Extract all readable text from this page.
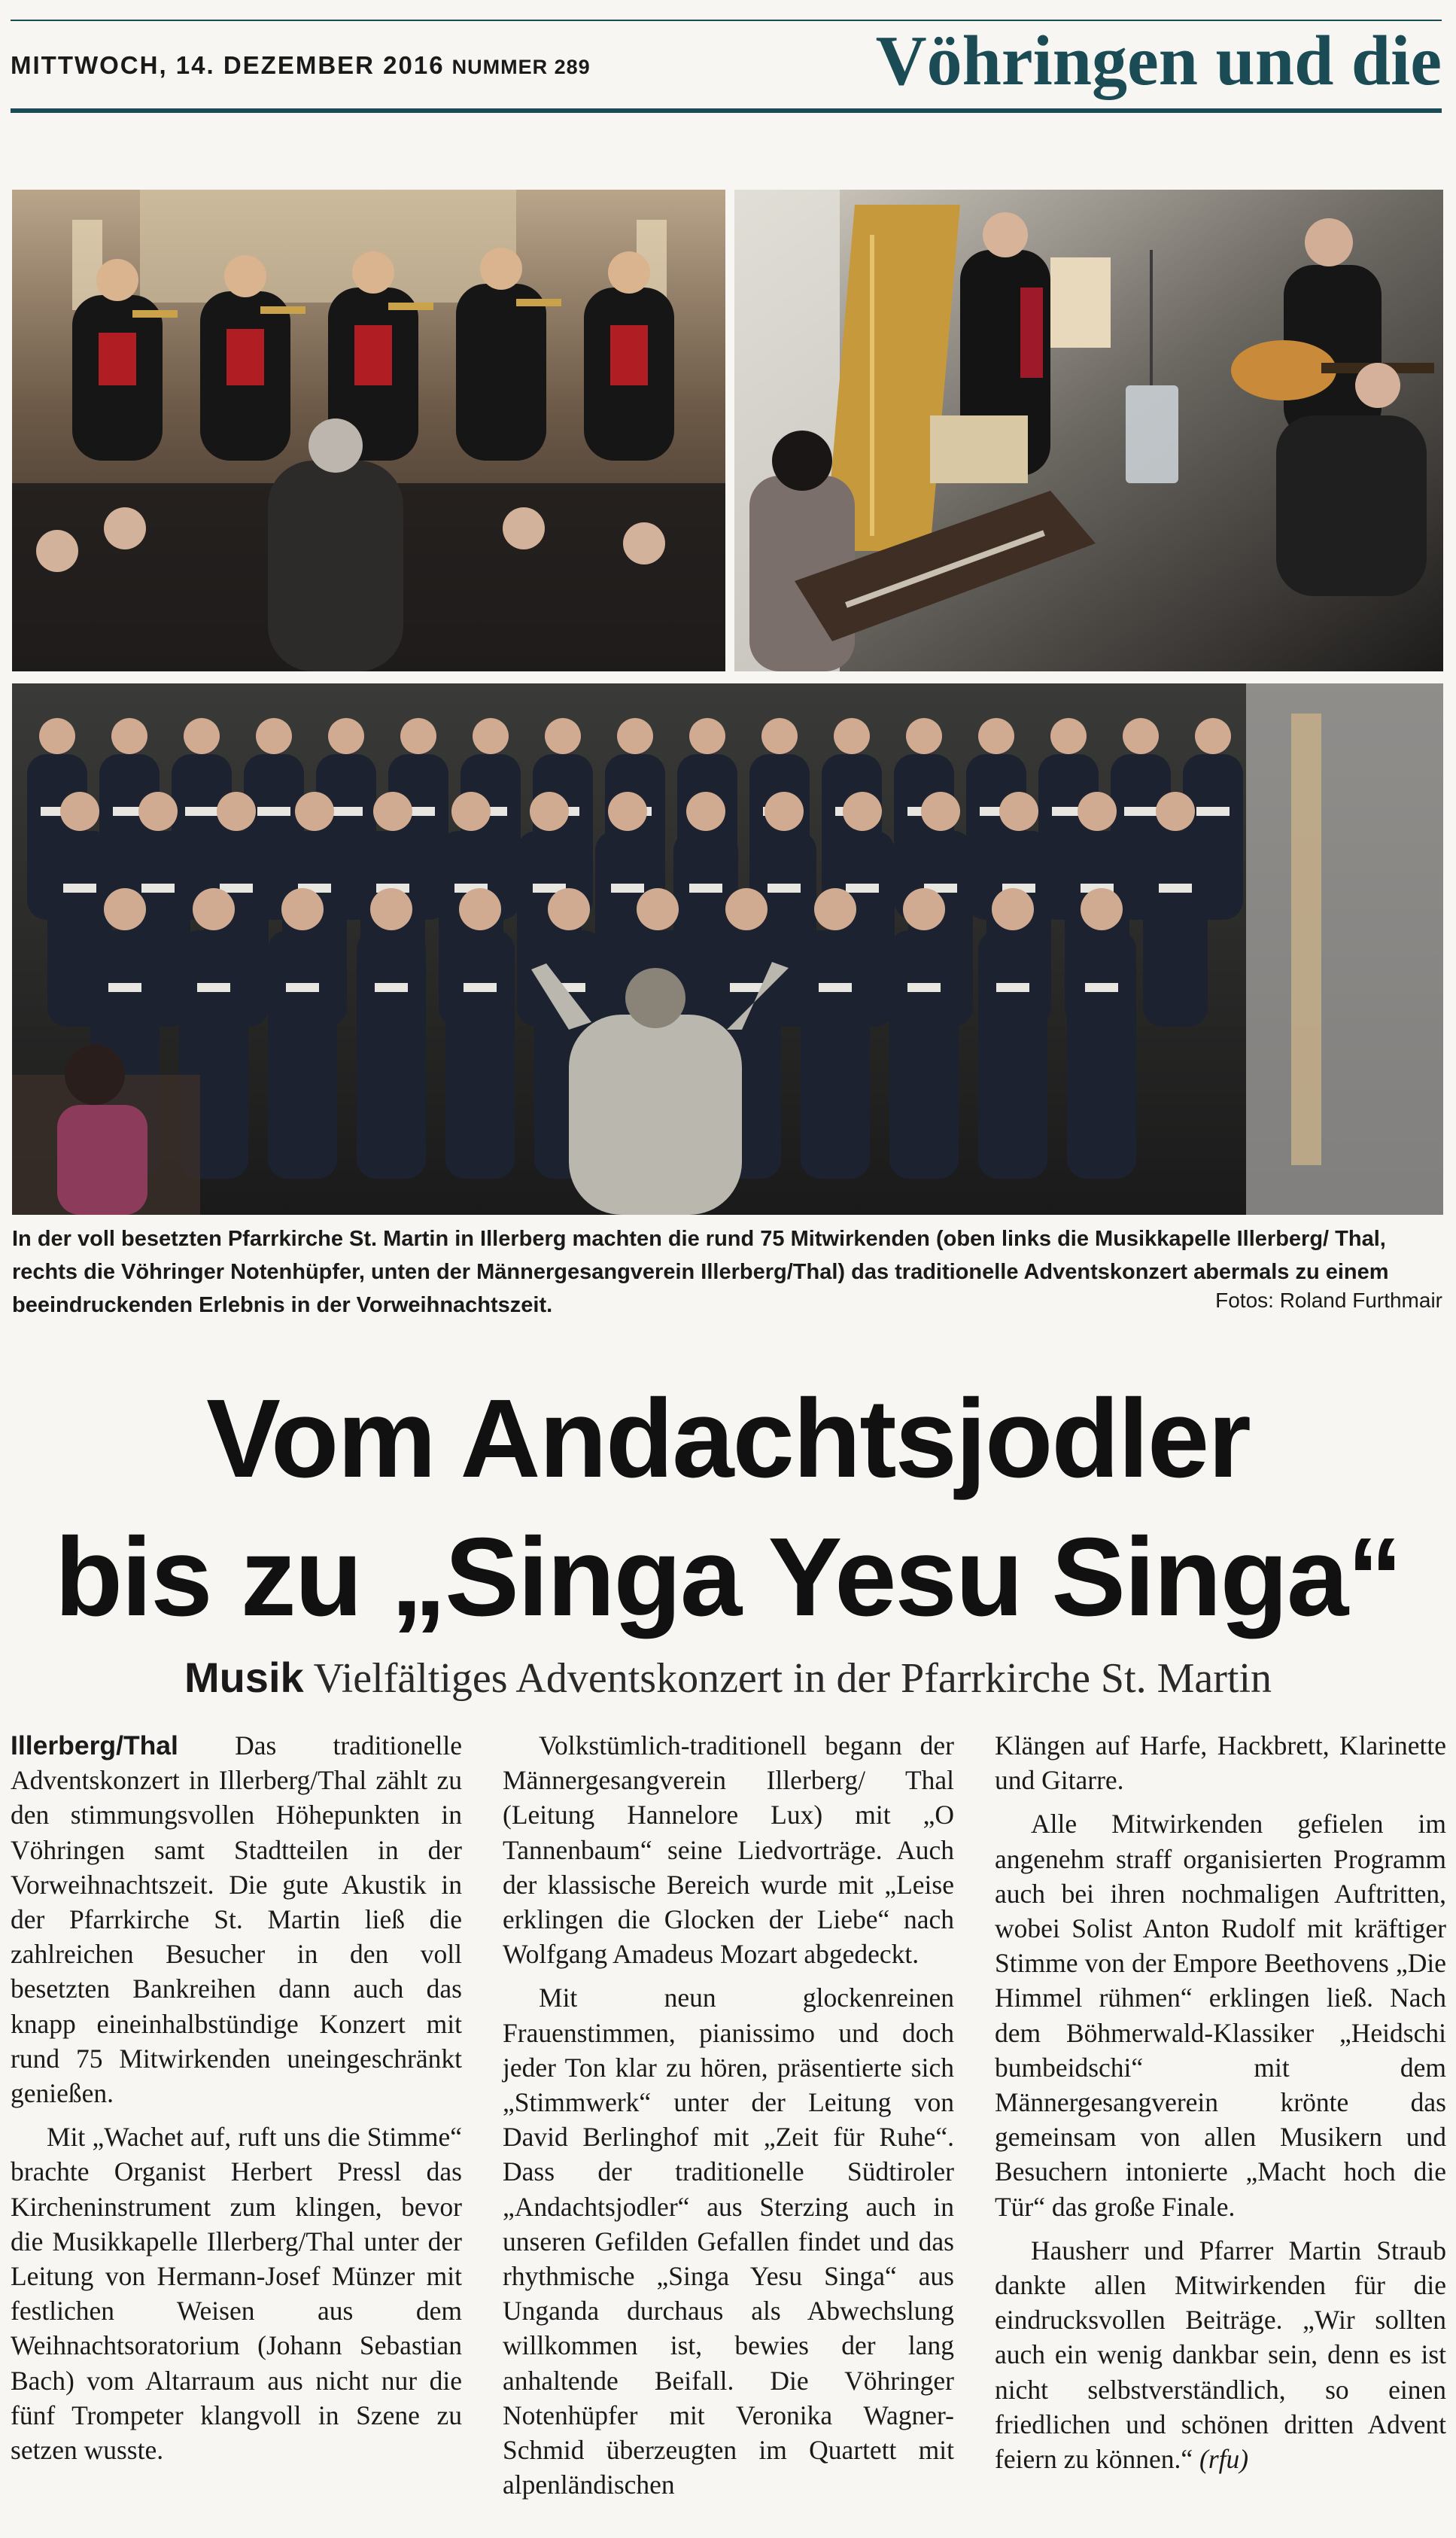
MITTWOCH, 14. DEZEMBER 2016 NUMMER 289	Vöhringen und die
In der voll besetzten Pfarrkirche St. Martin in Illerberg machten die rund 75 Mitwirkenden (oben links die Musikkapelle Illerberg/ Thal, rechts die Vöhringer Notenhüpfer, unten der Männergesangverein Illerberg/Thal) das traditionelle Adventskonzert abermals zu einem beeindruckenden Erlebnis in der Vorweihnachtszeit.	Fotos: Roland Furthmair
Vom Andachtsjodler
bis zu „Singa Yesu Singa“
Musik Vielfältiges Adventskonzert in der Pfarrkirche St. Martin

Illerberg/Thal Das traditionelle Adventskonzert in Illerberg/Thal zählt zu den stimmungsvollen Höhepunkten in Vöhringen samt Stadtteilen in der Vorweihnachtszeit. Die gute Akustik in der Pfarrkirche St. Martin ließ die zahlreichen Besucher in den voll besetzten Bankreihen dann auch das knapp eineinhalbstündige Konzert mit rund 75 Mitwirkenden uneingeschränkt genießen.

Mit „Wachet auf, ruft uns die Stimme“ brachte Organist Herbert Pressl das Kircheninstrument zum klingen, bevor die Musikkapelle Illerberg/Thal unter der Leitung von Hermann-Josef Münzer mit festlichen Weisen aus dem Weihnachtsoratorium (Johann Sebastian Bach) vom Altarraum aus nicht nur die fünf Trompeter klangvoll in Szene zu setzen wusste.

Volkstümlich-traditionell begann der Männergesangverein Illerberg/ Thal (Leitung Hannelore Lux) mit „O Tannenbaum“ seine Liedvorträge. Auch der klassische Bereich wurde mit „Leise erklingen die Glocken der Liebe“ nach Wolfgang Amadeus Mozart abgedeckt.

Mit neun glockenreinen Frauenstimmen, pianissimo und doch jeder Ton klar zu hören, präsentierte sich „Stimmwerk“ unter der Leitung von David Berlinghof mit „Zeit für Ruhe“. Dass der traditionelle Südtiroler „Andachtsjodler“ aus Sterzing auch in unseren Gefilden Gefallen findet und das rhythmische „Singa Yesu Singa“ aus Unganda durchaus als Abwechslung willkommen ist, bewies der lang anhaltende Beifall. Die Vöhringer Notenhüpfer mit Veronika Wagner-Schmid überzeugten im Quartett mit alpenländischen

Klängen auf Harfe, Hackbrett, Klarinette und Gitarre.

Alle Mitwirkenden gefielen im angenehm straff organisierten Programm auch bei ihren nochmaligen Auftritten, wobei Solist Anton Rudolf mit kräftiger Stimme von der Empore Beethovens „Die Himmel rühmen“ erklingen ließ. Nach dem Böhmerwald-Klassiker „Heidschi bumbeidschi“ mit dem Männergesangverein krönte das gemeinsam von allen Musikern und Besuchern intonierte „Macht hoch die Tür“ das große Finale.

Hausherr und Pfarrer Martin Straub dankte allen Mitwirkenden für die eindrucksvollen Beiträge. „Wir sollten auch ein wenig dankbar sein, denn es ist nicht selbstverständlich, so einen friedlichen und schönen dritten Advent feiern zu können.“ (rfu)
